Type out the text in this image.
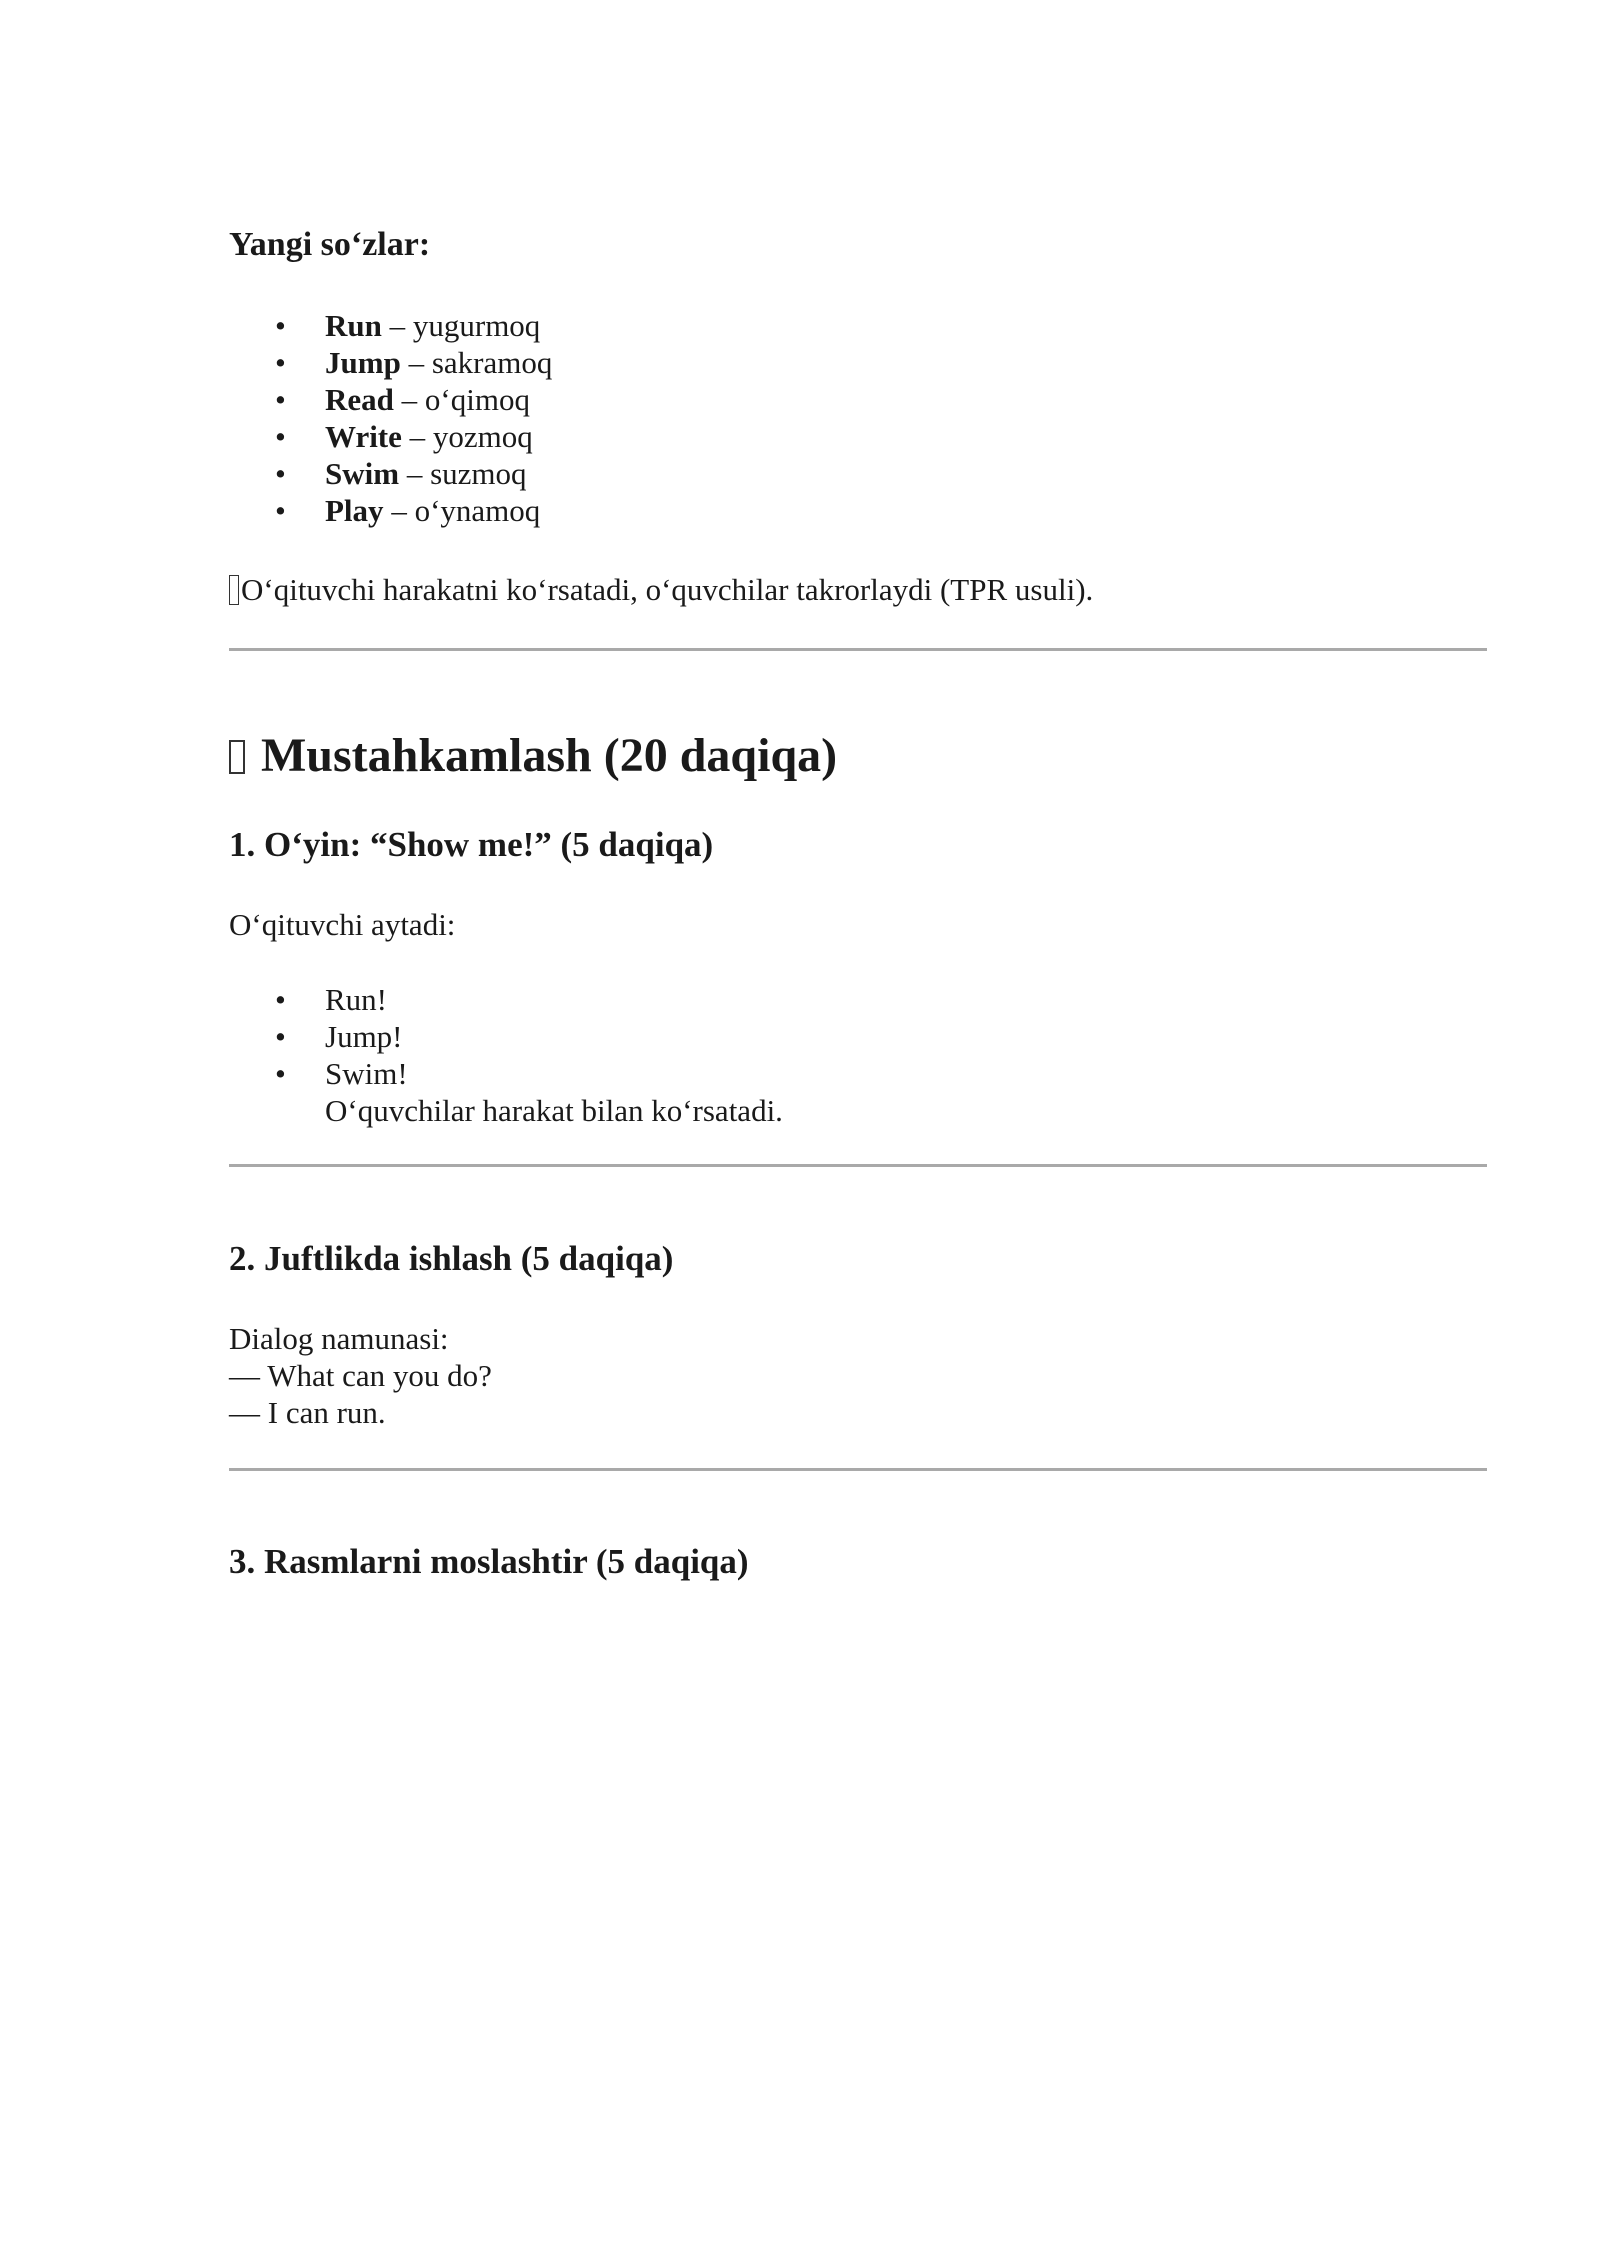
Yangi so‘zlar:
• Run – yugurmoq
• Jump – sakramoq
• Read – o‘qimoq
• Write – yozmoq
• Swim – suzmoq
• Play – o‘ynamoq

O‘qituvchi harakatni ko‘rsatadi, o‘quvchilar takrorlaydi (TPR usuli).

Mustahkamlash (20 daqiqa)
1. O‘yin: “Show me!” (5 daqiqa)

O‘qituvchi aytadi:

• Run!
• Jump!
• Swim!
O‘quvchilar harakat bilan ko‘rsatadi.
2. Juftlikda ishlash (5 daqiqa)

Dialog namunasi:

— What can you do?

— I can run.

3. Rasmlarni moslashtir (5 daqiqa)
